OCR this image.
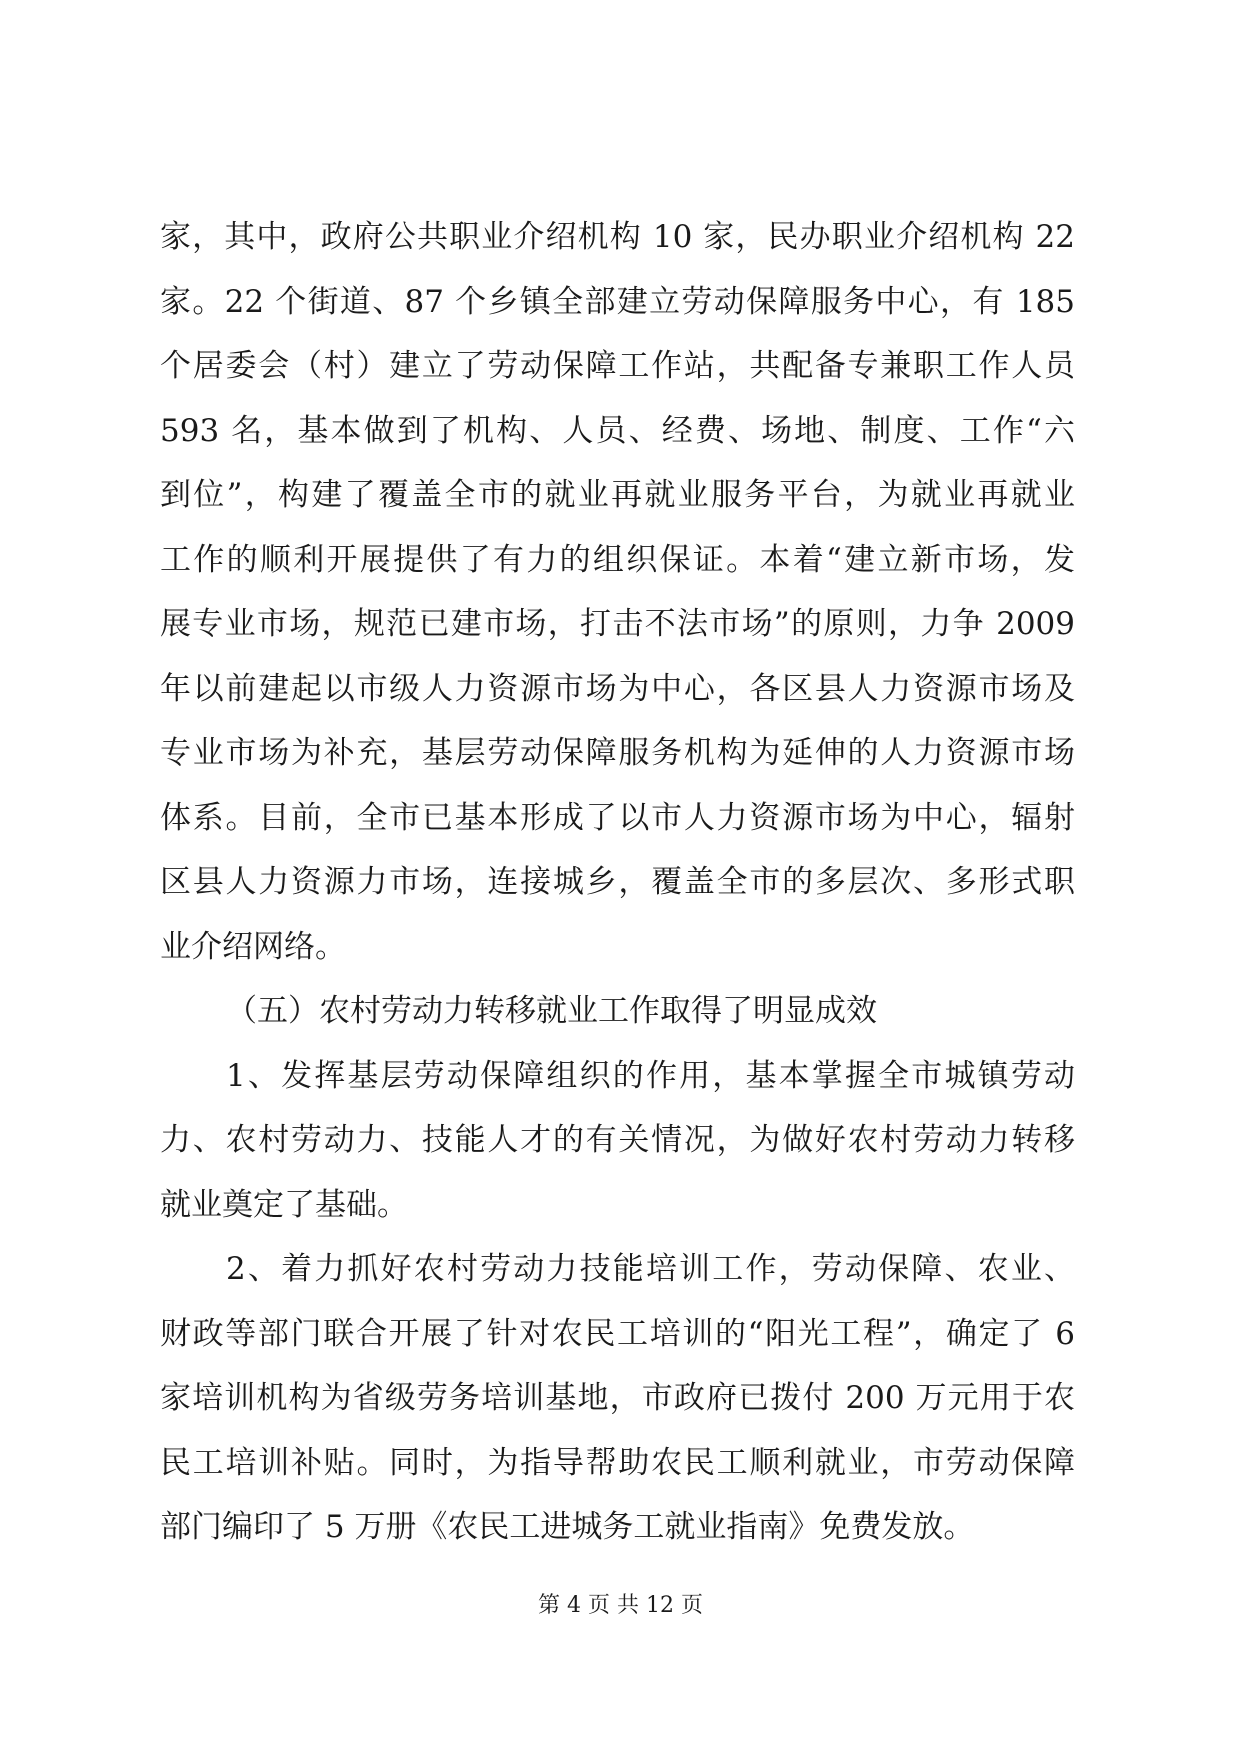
家，其中，政府公共职业介绍机构 10 家，民办职业介绍机构 22
家。22 个街道、87 个乡镇全部建立劳动保障服务中心，有 185
个居委会（村）建立了劳动保障工作站，共配备专兼职工作人员
593 名，基本做到了机构、人员、经费、场地、制度、工作“六
到位”，构建了覆盖全市的就业再就业服务平台，为就业再就业
工作的顺利开展提供了有力的组织保证。本着“建立新市场，发
展专业市场，规范已建市场，打击不法市场”的原则，力争 2009
年以前建起以市级人力资源市场为中心，各区县人力资源市场及
专业市场为补充，基层劳动保障服务机构为延伸的人力资源市场
体系。目前，全市已基本形成了以市人力资源市场为中心，辐射
区县人力资源力市场，连接城乡，覆盖全市的多层次、多形式职
业介绍网络。
（五）农村劳动力转移就业工作取得了明显成效
1、发挥基层劳动保障组织的作用，基本掌握全市城镇劳动
力、农村劳动力、技能人才的有关情况，为做好农村劳动力转移
就业奠定了基础。
2、着力抓好农村劳动力技能培训工作，劳动保障、农业、
财政等部门联合开展了针对农民工培训的“阳光工程”，确定了 6
家培训机构为省级劳务培训基地，市政府已拨付 200 万元用于农
民工培训补贴。同时，为指导帮助农民工顺利就业，市劳动保障
部门编印了 5 万册《农民工进城务工就业指南》免费发放。
第 4 页 共 12 页
